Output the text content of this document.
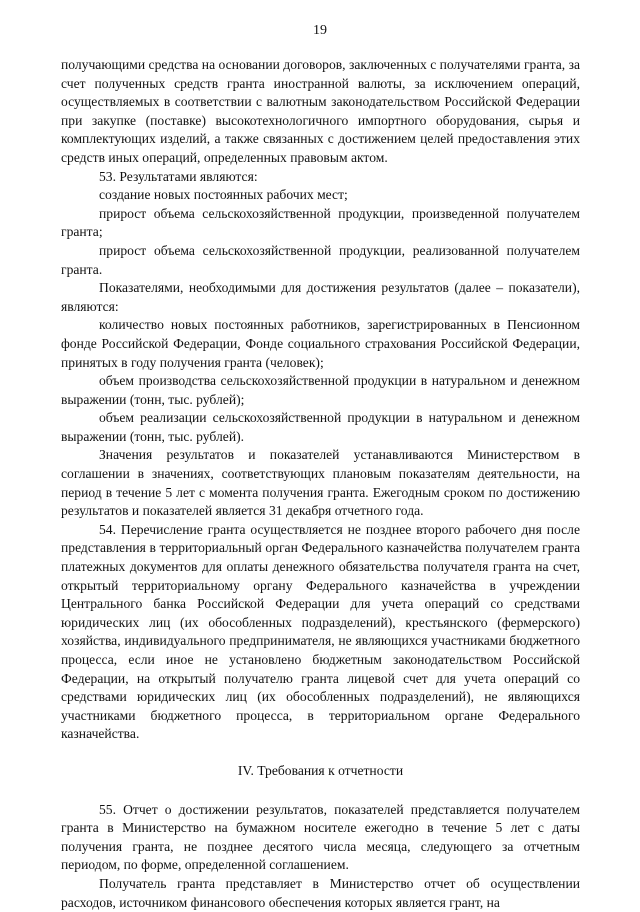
19

получающими средства на основании договоров, заключенных с получателями гранта, за счет полученных средств гранта иностранной валюты, за исключением операций, осуществляемых в соответствии с валютным законодательством Российской Федерации при закупке (поставке) высокотехнологичного импортного оборудования, сырья и комплектующих изделий, а также связанных с достижением целей предоставления этих средств иных операций, определенных правовым актом.

53. Результатами являются:

создание новых постоянных рабочих мест;

прирост объема сельскохозяйственной продукции, произведенной получателем гранта;

прирост объема сельскохозяйственной продукции, реализованной получателем гранта.

Показателями, необходимыми для достижения результатов (далее – показатели), являются:

количество новых постоянных работников, зарегистрированных в Пенсионном фонде Российской Федерации, Фонде социального страхования Российской Федерации, принятых в году получения гранта (человек);

объем производства сельскохозяйственной продукции в натуральном и денежном выражении (тонн, тыс. рублей);

объем реализации сельскохозяйственной продукции в натуральном и денежном выражении (тонн, тыс. рублей).

Значения результатов и показателей устанавливаются Министерством в соглашении в значениях, соответствующих плановым показателям деятельности, на период в течение 5 лет с момента получения гранта. Ежегодным сроком по достижению результатов и показателей является 31 декабря отчетного года.

54. Перечисление гранта осуществляется не позднее второго рабочего дня после представления в территориальный орган Федерального казначейства получателем гранта платежных документов для оплаты денежного обязательства получателя гранта на счет, открытый территориальному органу Федерального казначейства в учреждении Центрального банка Российской Федерации для учета операций со средствами юридических лиц (их обособленных подразделений), крестьянского (фермерского) хозяйства, индивидуального предпринимателя, не являющихся участниками бюджетного процесса, если иное не установлено бюджетным законодательством Российской Федерации, на открытый получателю гранта лицевой счет для учета операций со средствами юридических лиц (их обособленных подразделений), не являющихся участниками бюджетного процесса, в территориальном органе Федерального казначейства.

IV. Требования к отчетности

55. Отчет о достижении результатов, показателей представляется получателем гранта в Министерство на бумажном носителе ежегодно в течение 5 лет с даты получения гранта, не позднее десятого числа месяца, следующего за отчетным периодом, по форме, определенной соглашением.

Получатель гранта представляет в Министерство отчет об осуществлении расходов, источником финансового обеспечения которых является грант, на
